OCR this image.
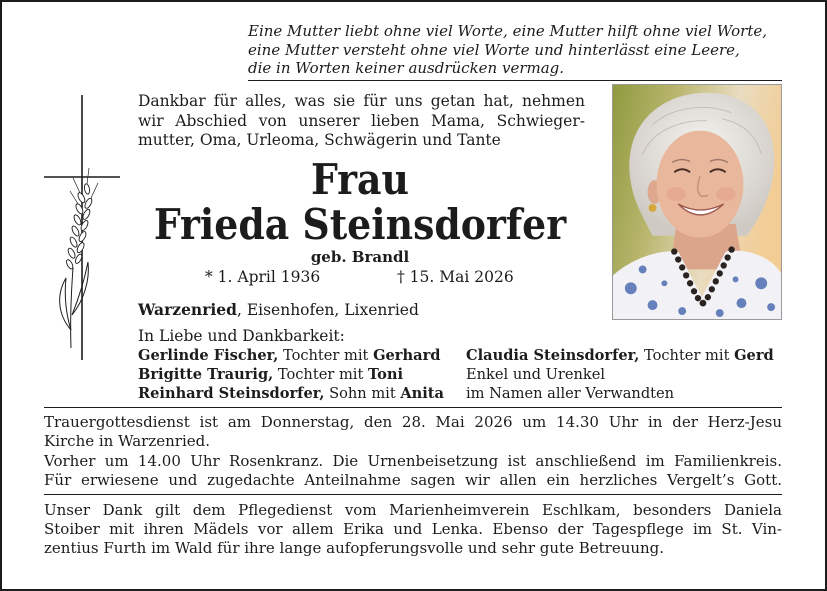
Eine Mutter liebt ohne viel Worte, eine Mutter hilft ohne viel Worte,
eine Mutter versteht ohne viel Worte und hinterlässt eine Leere,
die in Worten keiner ausdrücken vermag.
Dankbar für alles, was sie für uns getan hat, nehmen
wir Abschied von unserer lieben Mama, Schwieger-
mutter, Oma, Urleoma, Schwägerin und Tante
Frau
Frieda Steinsdorfer
geb. Brandl
* 1. April 1936	† 15. Mai 2026
Warzenried, Eisenhofen, Lixenried
In Liebe und Dankbarkeit:
Gerlinde Fischer, Tochter mit Gerhard
Brigitte Traurig, Tochter mit Toni
Reinhard Steinsdorfer, Sohn mit Anita
Claudia Steinsdorfer, Tochter mit Gerd
Enkel und Urenkel
im Namen aller Verwandten
Trauergottesdienst ist am Donnerstag, den 28. Mai 2026 um 14.30 Uhr in der Herz-Jesu
Kirche in Warzenried.
Vorher um 14.00 Uhr Rosenkranz. Die Urnenbeisetzung ist anschließend im Familienkreis.
Für erwiesene und zugedachte Anteilnahme sagen wir allen ein herzliches Vergelt’s Gott.
Unser Dank gilt dem Pflegedienst vom Marienheimverein Eschlkam, besonders Daniela
Stoiber mit ihren Mädels vor allem Erika und Lenka. Ebenso der Tagespflege im St. Vin-
zentius Furth im Wald für ihre lange aufopferungsvolle und sehr gute Betreuung.
